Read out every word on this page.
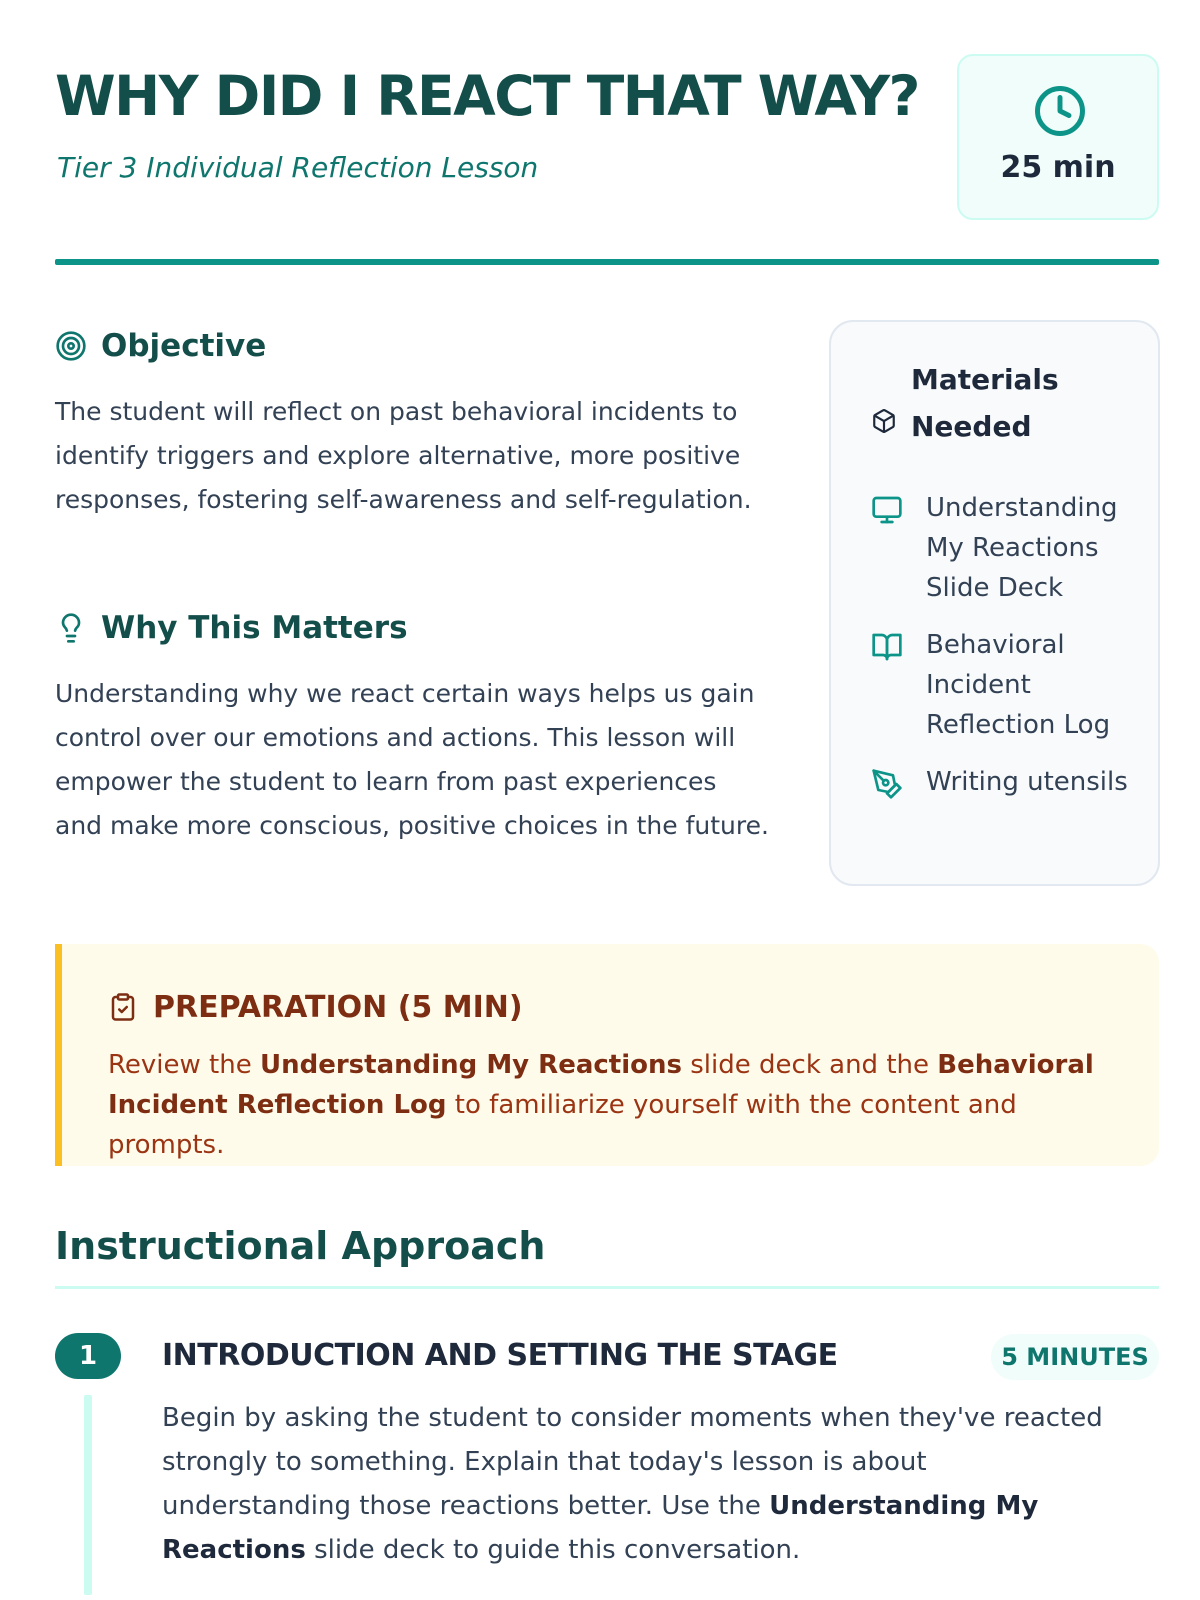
WHY DID I REACT THAT WAY?
Tier 3 Individual Reflection Lesson	25 min
Objective

The student will reflect on past behavioral incidents to identify triggers and explore alternative, more positive responses, fostering self-awareness and self-regulation.

Why This Matters

Understanding why we react certain ways helps us gain control over our emotions and actions. This lesson will empower the student to learn from past experiences and make more conscious, positive choices in the future.

Materials Needed
Understanding My Reactions Slide Deck
Behavioral Incident Reflection Log
Writing utensils
PREPARATION (5 MIN)

Review the Understanding My Reactions slide deck and the Behavioral Incident Reflection Log to familiarize yourself with the content and prompts.

Instructional Approach
1	INTRODUCTION AND SETTING THE STAGE	5 MINUTES

Begin by asking the student to consider moments when they've reacted strongly to something. Explain that today's lesson is about understanding those reactions better. Use the Understanding My Reactions slide deck to guide this conversation.
